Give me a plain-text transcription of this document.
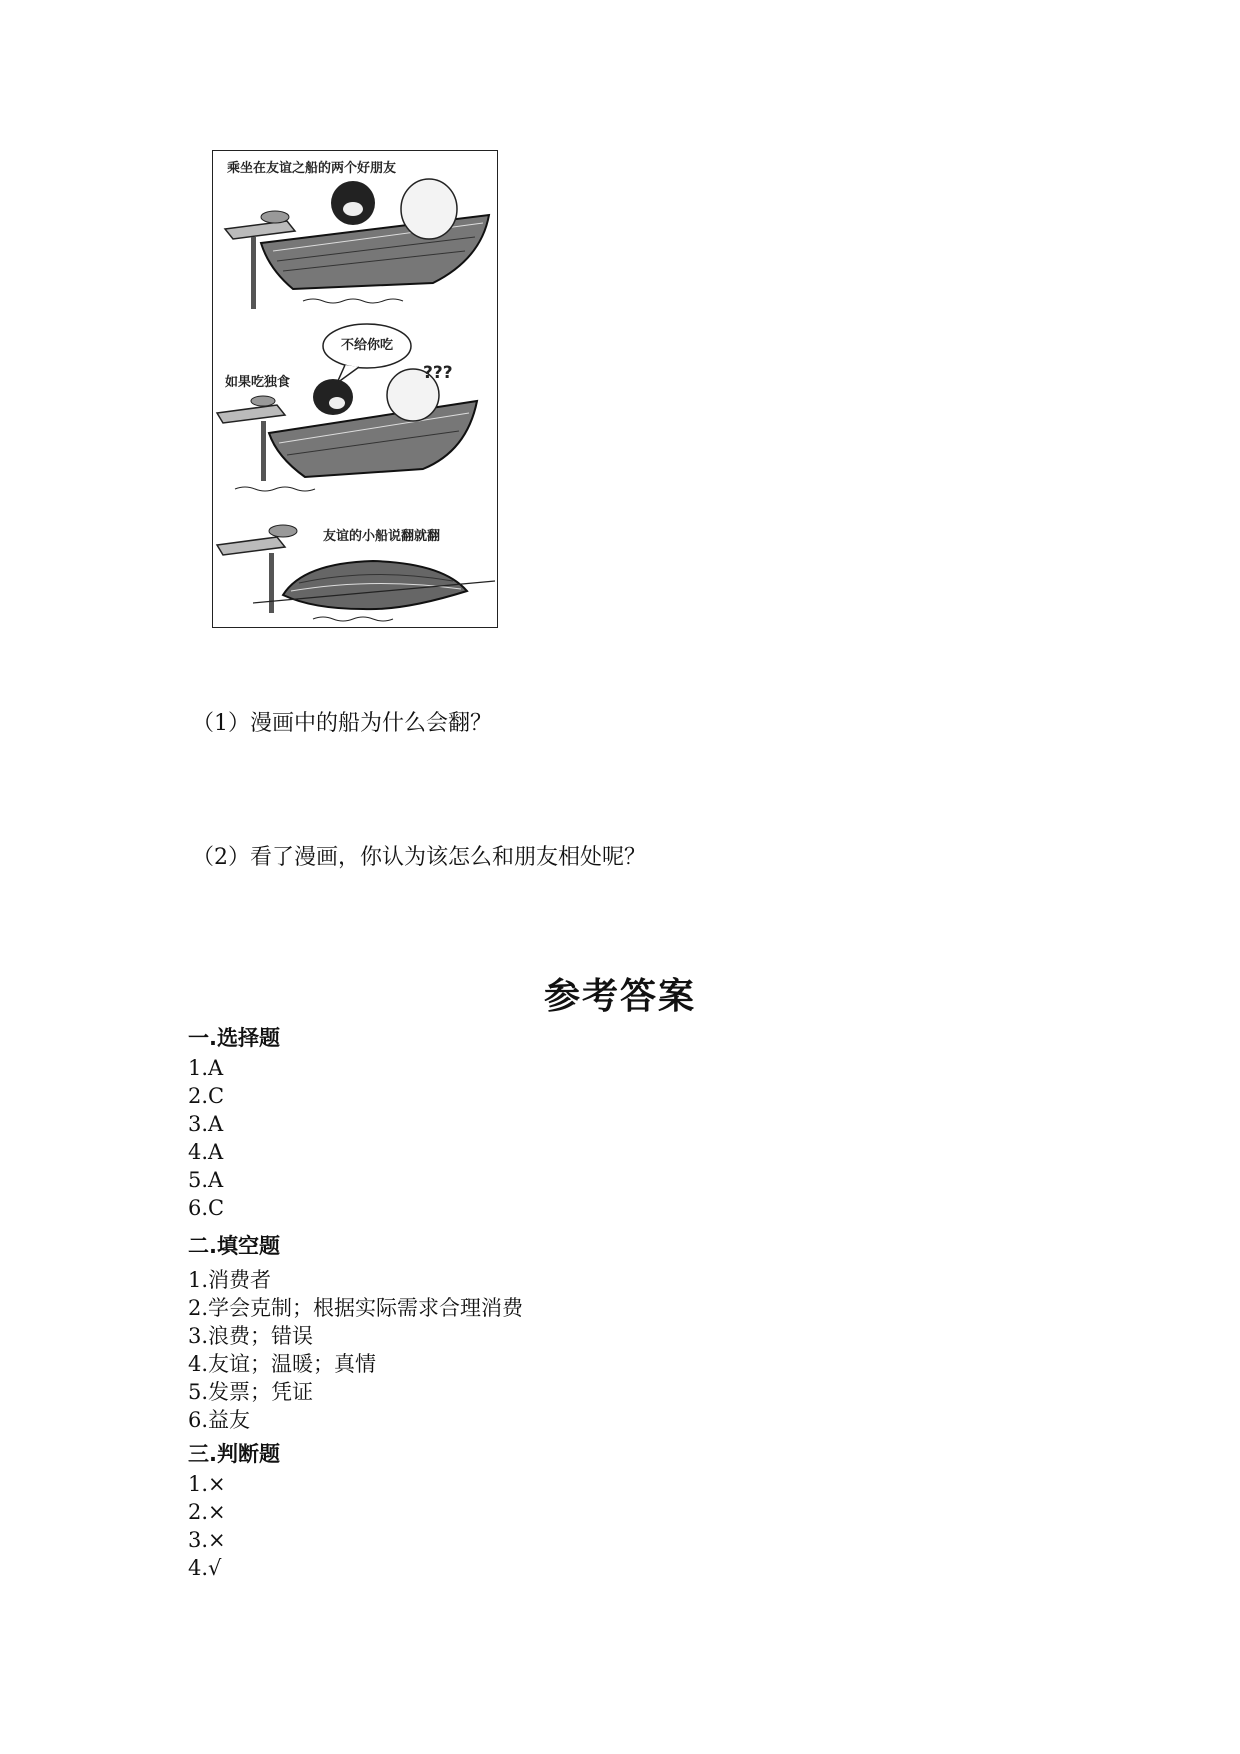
乘坐在友谊之船的两个好朋友
不给你吃
???
如果吃独食
友谊的小船说翻就翻
（1）漫画中的船为什么会翻？
（2）看了漫画，你认为该怎么和朋友相处呢？
参考答案
一.选择题
1.A
2.C
3.A
4.A
5.A
6.C
二.填空题
1.消费者
2.学会克制；根据实际需求合理消费
3.浪费；错误
4.友谊；温暖；真情
5.发票；凭证
6.益友
三.判断题
1.×
2.×
3.×
4.√
